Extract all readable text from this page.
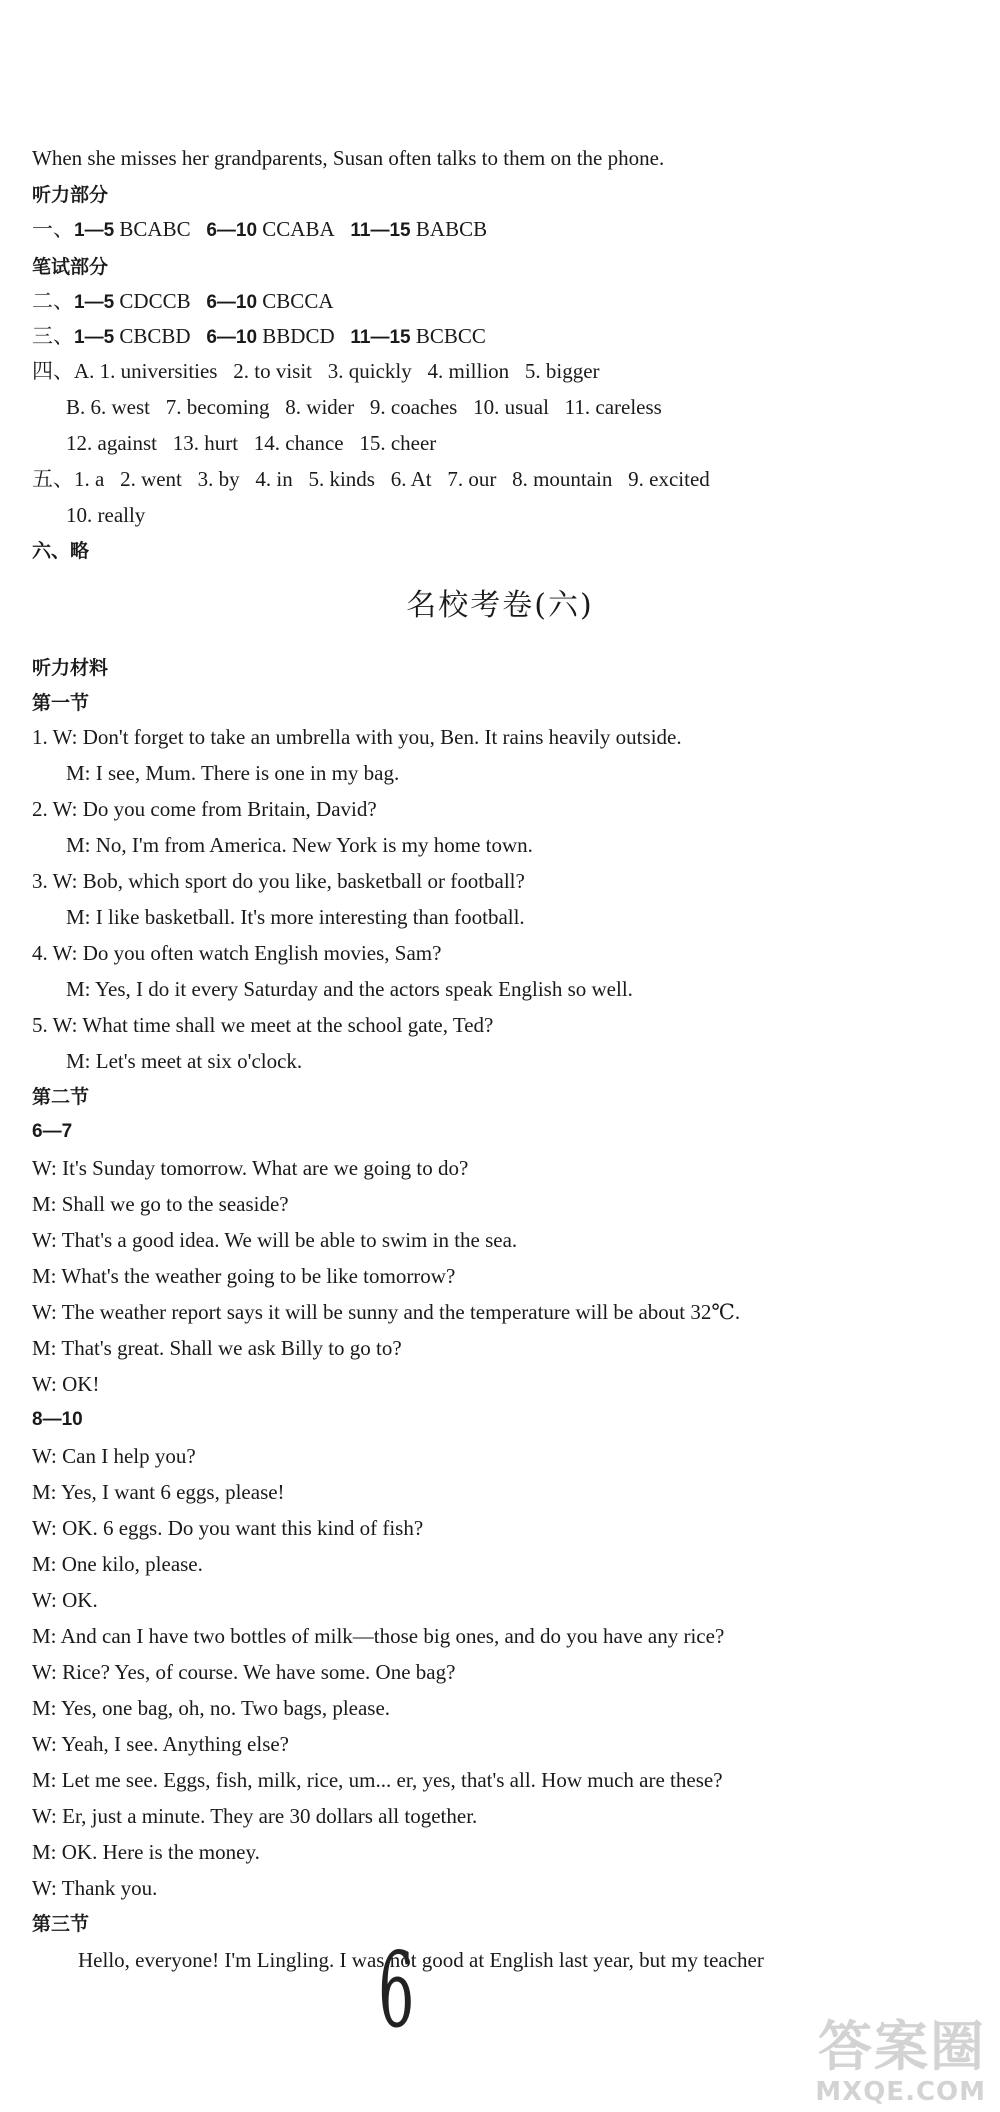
When she misses her grandparents, Susan often talks to them on the phone.
听力部分
一、1—5 BCABC 6—10 CCABA 11—15 BABCB
笔试部分
二、1—5 CDCCB 6—10 CBCCA
三、1—5 CBCBD 6—10 BBDCD 11—15 BCBCC
四、A. 1. universities   2. to visit   3. quickly   4. million   5. bigger
B. 6. west   7. becoming   8. wider   9. coaches   10. usual   11. careless
12. against   13. hurt   14. chance   15. cheer
五、1. a   2. went   3. by   4. in   5. kinds   6. At   7. our   8. mountain   9. excited
10. really
六、略
名校考卷(六)
听力材料
第一节
1. W: Don't forget to take an umbrella with you, Ben. It rains heavily outside.
M: I see, Mum. There is one in my bag.
2. W: Do you come from Britain, David?
M: No, I'm from America. New York is my home town.
3. W: Bob, which sport do you like, basketball or football?
M: I like basketball. It's more interesting than football.
4. W: Do you often watch English movies, Sam?
M: Yes, I do it every Saturday and the actors speak English so well.
5. W: What time shall we meet at the school gate, Ted?
M: Let's meet at six o'clock.
第二节
6—7
W: It's Sunday tomorrow. What are we going to do?
M: Shall we go to the seaside?
W: That's a good idea. We will be able to swim in the sea.
M: What's the weather going to be like tomorrow?
W: The weather report says it will be sunny and the temperature will be about 32℃.
M: That's great. Shall we ask Billy to go to?
W: OK!
8—10
W: Can I help you?
M: Yes, I want 6 eggs, please!
W: OK. 6 eggs. Do you want this kind of fish?
M: One kilo, please.
W: OK.
M: And can I have two bottles of milk—those big ones, and do you have any rice?
W: Rice? Yes, of course. We have some. One bag?
M: Yes, one bag, oh, no. Two bags, please.
W: Yeah, I see. Anything else?
M: Let me see. Eggs, fish, milk, rice, um... er, yes, that's all. How much are these?
W: Er, just a minute. They are 30 dollars all together.
M: OK. Here is the money.
W: Thank you.
第三节
Hello, everyone! I'm Lingling. I was not good at English last year, but my teacher
6	答案圈
MXQE.COM
